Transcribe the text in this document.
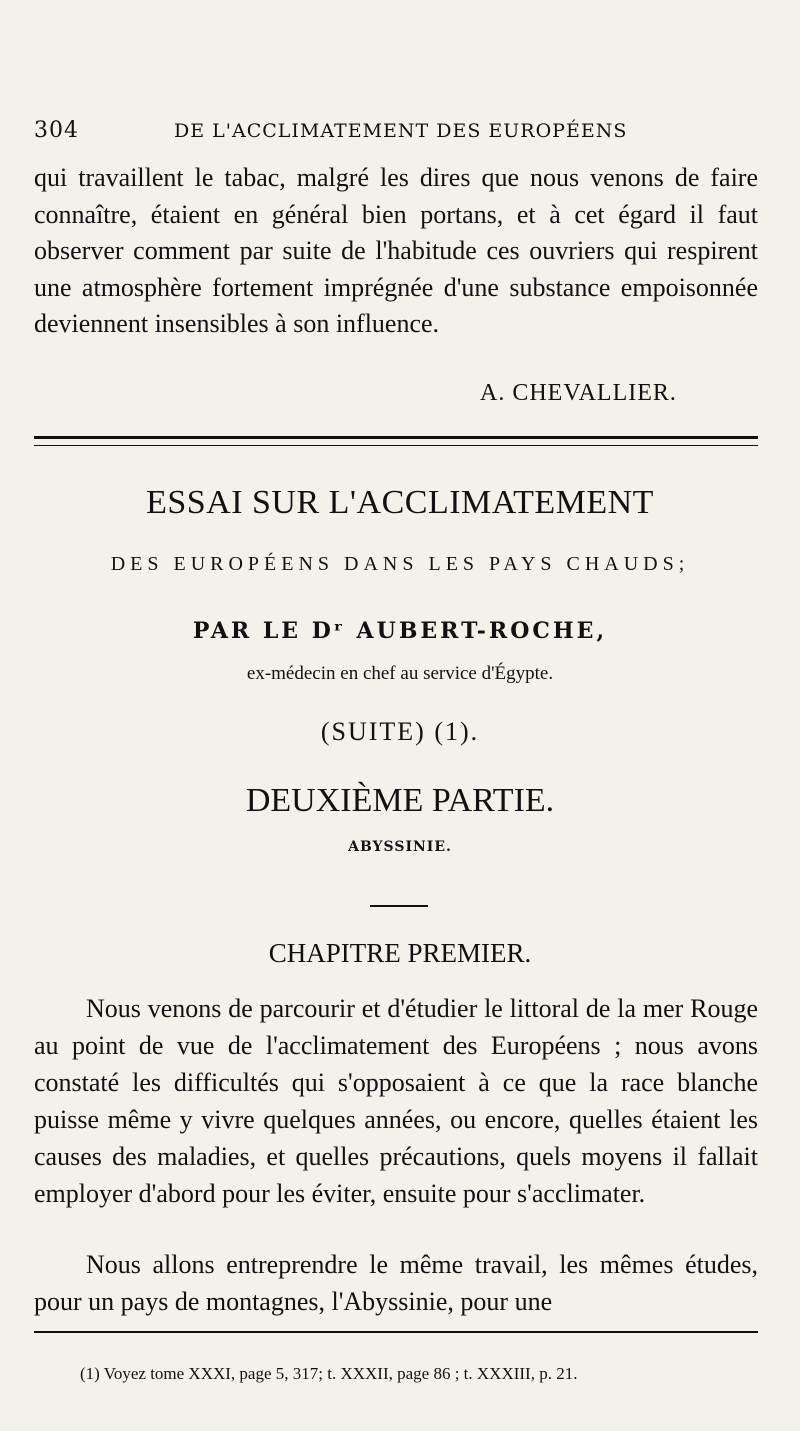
304	DE L'ACCLIMATEMENT DES EUROPÉENS
qui travaillent le tabac, malgré les dires que nous venons de faire connaître, étaient en général bien portans, et à cet égard il faut observer comment par suite de l'habitude ces ouvriers qui respirent une atmosphère fortement imprégnée d'une substance empoisonnée deviennent insensibles à son influence.
A. CHEVALLIER.
ESSAI SUR L'ACCLIMATEMENT
DES EUROPÉENS DANS LES PAYS CHAUDS;
PAR LE Dʳ AUBERT-ROCHE,
ex-médecin en chef au service d'Égypte.
(SUITE) (1).
DEUXIÈME PARTIE.
ABYSSINIE.
CHAPITRE PREMIER.
Nous venons de parcourir et d'étudier le littoral de la mer Rouge au point de vue de l'acclimatement des Européens ; nous avons constaté les difficultés qui s'opposaient à ce que la race blanche puisse même y vivre quelques années, ou encore, quelles étaient les causes des maladies, et quelles précautions, quels moyens il fallait employer d'abord pour les éviter, ensuite pour s'acclimater.
Nous allons entreprendre le même travail, les mêmes études, pour un pays de montagnes, l'Abyssinie, pour une
(1) Voyez tome XXXI, page 5, 317; t. XXXII, page 86 ; t. XXXIII, p. 21.
